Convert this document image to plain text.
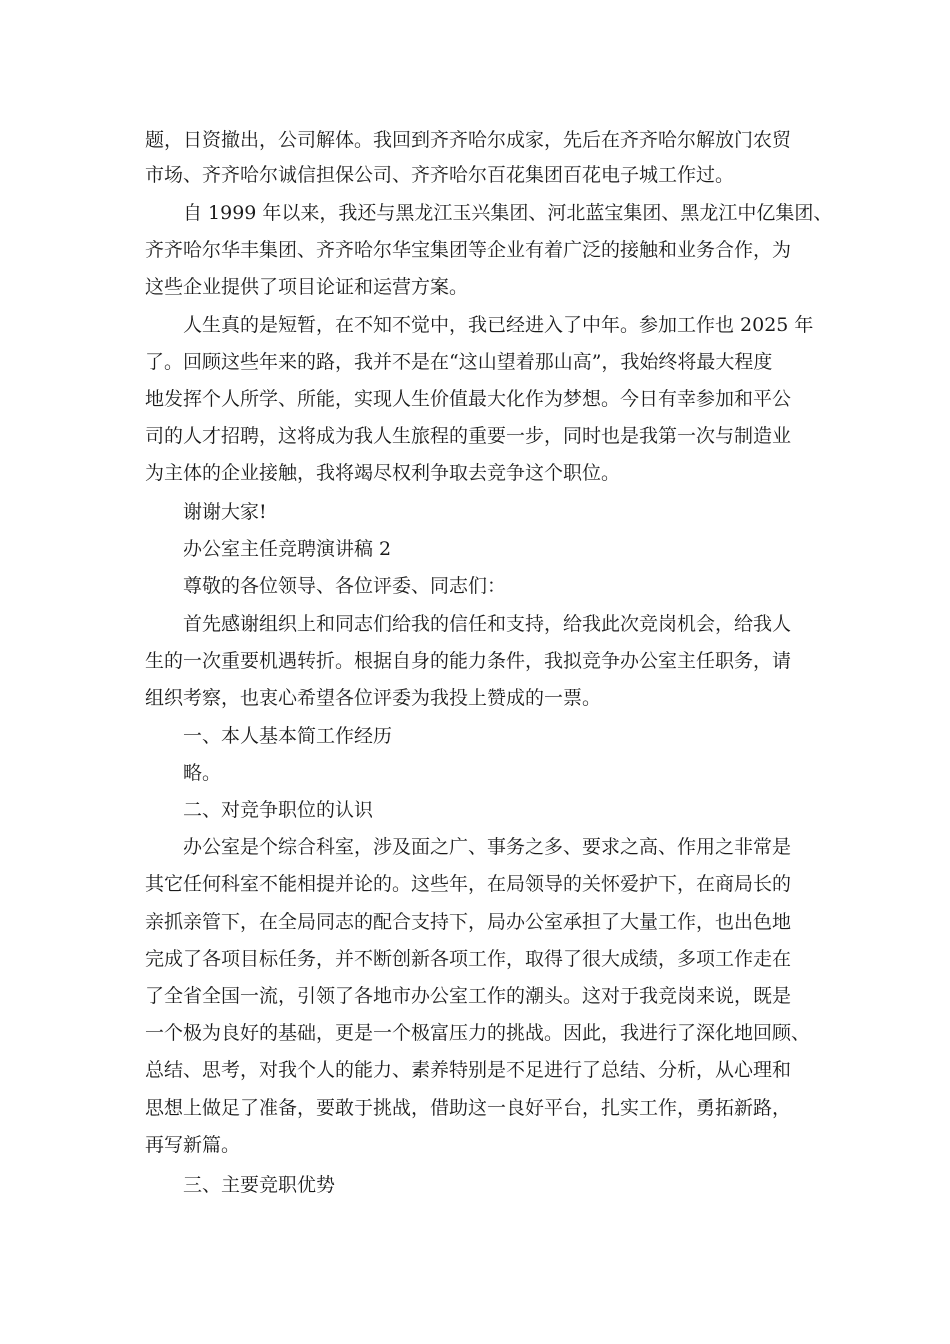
题，日资撤出，公司解体。我回到齐齐哈尔成家，先后在齐齐哈尔解放门农贸

市场、齐齐哈尔诚信担保公司、齐齐哈尔百花集团百花电子城工作过。

自 1999 年以来，我还与黑龙江玉兴集团、河北蓝宝集团、黑龙江中亿集团、

齐齐哈尔华丰集团、齐齐哈尔华宝集团等企业有着广泛的接触和业务合作，为

这些企业提供了项目论证和运营方案。

人生真的是短暂，在不知不觉中，我已经进入了中年。参加工作也 2025 年

了。回顾这些年来的路，我并不是在“这山望着那山高”，我始终将最大程度

地发挥个人所学、所能，实现人生价值最大化作为梦想。今日有幸参加和平公

司的人才招聘，这将成为我人生旅程的重要一步，同时也是我第一次与制造业

为主体的企业接触，我将竭尽权利争取去竞争这个职位。

谢谢大家!

办公室主任竞聘演讲稿 2

尊敬的各位领导、各位评委、同志们：

首先感谢组织上和同志们给我的信任和支持，给我此次竞岗机会，给我人

生的一次重要机遇转折。根据自身的能力条件，我拟竞争办公室主任职务，请

组织考察，也衷心希望各位评委为我投上赞成的一票。

一、本人基本简工作经历

略。

二、对竞争职位的认识

办公室是个综合科室，涉及面之广、事务之多、要求之高、作用之非常是

其它任何科室不能相提并论的。这些年，在局领导的关怀爱护下，在商局长的

亲抓亲管下，在全局同志的配合支持下，局办公室承担了大量工作，也出色地

完成了各项目标任务，并不断创新各项工作，取得了很大成绩，多项工作走在

了全省全国一流，引领了各地市办公室工作的潮头。这对于我竞岗来说，既是

一个极为良好的基础，更是一个极富压力的挑战。因此，我进行了深化地回顾、

总结、思考，对我个人的能力、素养特别是不足进行了总结、分析，从心理和

思想上做足了准备，要敢于挑战，借助这一良好平台，扎实工作，勇拓新路，

再写新篇。

三、主要竞职优势
